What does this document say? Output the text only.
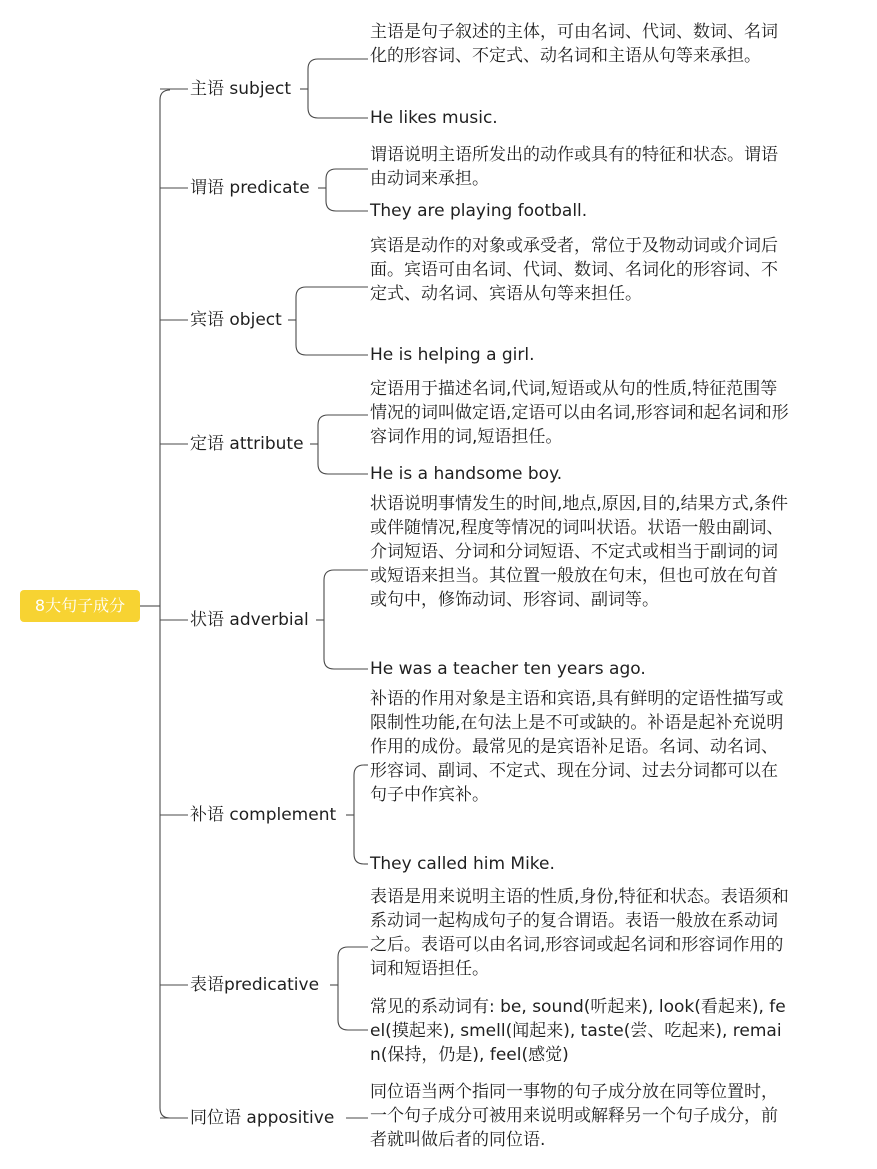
8大句子成分
主语 subject
主语是句子叙述的主体，可由名词、代词、数词、名词化的形容词、不定式、动名词和主语从句等来承担。
He likes music.
谓语 predicate
谓语说明主语所发出的动作或具有的特征和状态。谓语由动词来承担。
They are playing football.
宾语 object
宾语是动作的对象或承受者，常位于及物动词或介词后面。宾语可由名词、代词、数词、名词化的形容词、不定式、动名词、宾语从句等来担任。
He is helping a girl.
定语 attribute
定语用于描述名词,代词,短语或从句的性质,特征范围等情况的词叫做定语,定语可以由名词,形容词和起名词和形容词作用的词,短语担任。
He is a handsome boy.
状语 adverbial
状语说明事情发生的时间,地点,原因,目的,结果方式,条件或伴随情况,程度等情况的词叫状语。状语一般由副词、介词短语、分词和分词短语、不定式或相当于副词的词或短语来担当。其位置一般放在句末，但也可放在句首或句中，修饰动词、形容词、副词等。
He was a teacher ten years ago.
补语 complement
补语的作用对象是主语和宾语,具有鲜明的定语性描写或限制性功能,在句法上是不可或缺的。补语是起补充说明作用的成份。最常见的是宾语补足语。名词、动名词、形容词、副词、不定式、现在分词、过去分词都可以在句子中作宾补。
They called him Mike.
表语predicative
表语是用来说明主语的性质,身份,特征和状态。表语须和系动词一起构成句子的复合谓语。表语一般放在系动词之后。表语可以由名词,形容词或起名词和形容词作用的词和短语担任。
常见的系动词有: be, sound(听起来), look(看起来), feel(摸起来), smell(闻起来), taste(尝、吃起来), remain(保持，仍是), feel(感觉)
同位语 appositive
同位语当两个指同一事物的句子成分放在同等位置时，一个句子成分可被用来说明或解释另一个句子成分，前者就叫做后者的同位语.
